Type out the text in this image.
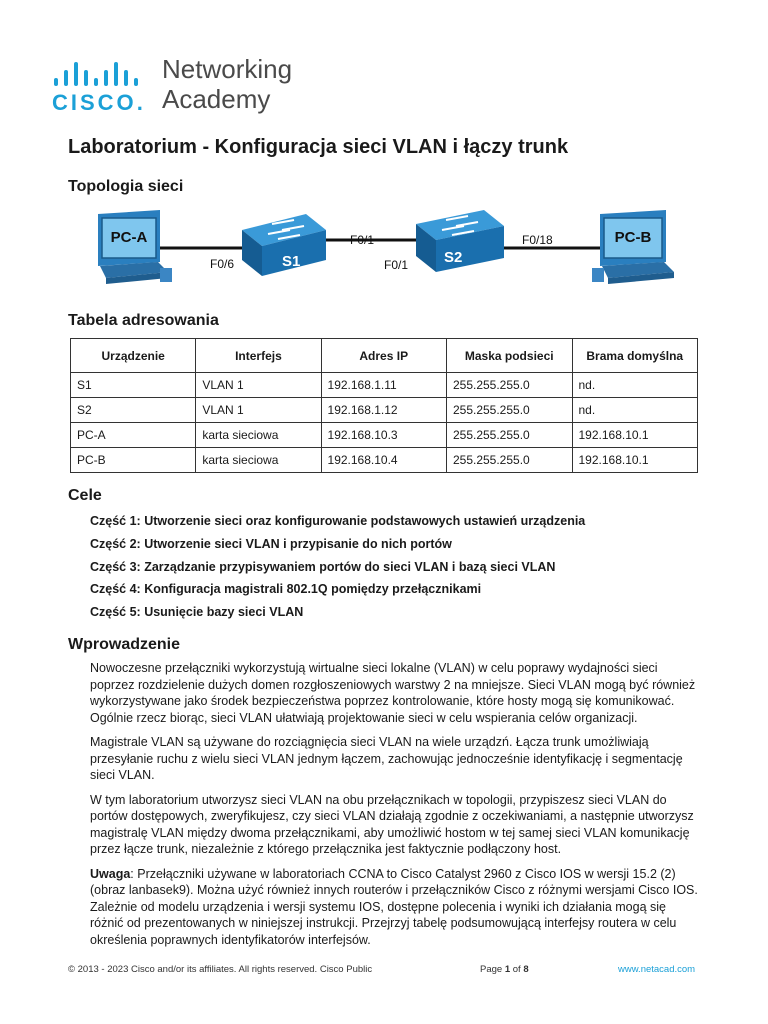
CISCO.
Networking
Academy
Laboratorium - Konfiguracja sieci VLAN i łączy trunk
Topologia sieci
PC-A
S1	S2
PC-B
F0/6
F0/1
F0/1
F0/18
Tabela adresowania
Urządzenie	Interfejs	Adres IP	Maska podsieci	Brama domyślna
S1	VLAN 1	192.168.1.11	255.255.255.0	nd.
S2	VLAN 1	192.168.1.12	255.255.255.0	nd.
PC-A	karta sieciowa	192.168.10.3	255.255.255.0	192.168.10.1
PC-B	karta sieciowa	192.168.10.4	255.255.255.0	192.168.10.1
Cele
Część 1: Utworzenie sieci oraz konfigurowanie podstawowych ustawień urządzenia
Część 2: Utworzenie sieci VLAN i przypisanie do nich portów
Część 3: Zarządzanie przypisywaniem portów do sieci VLAN i bazą sieci VLAN
Część 4: Konfiguracja magistrali 802.1Q pomiędzy przełącznikami
Część 5: Usunięcie bazy sieci VLAN
Wprowadzenie

Nowoczesne przełączniki wykorzystują wirtualne sieci lokalne (VLAN) w celu poprawy wydajności sieci poprzez rozdzielenie dużych domen rozgłoszeniowych warstwy 2 na mniejsze. Sieci VLAN mogą być również wykorzystywane jako środek bezpieczeństwa poprzez kontrolowanie, które hosty mogą się komunikować. Ogólnie rzecz biorąc, sieci VLAN ułatwiają projektowanie sieci w celu wspierania celów organizacji.

Magistrale VLAN są używane do rozciągnięcia sieci VLAN na wiele urządzń. Łącza trunk umożliwiają przesyłanie ruchu z wielu sieci VLAN jednym łączem, zachowując jednocześnie identyfikację i segmentację sieci VLAN.

W tym laboratorium utworzysz sieci VLAN na obu przełącznikach w topologii, przypiszesz sieci VLAN do portów dostępowych, zweryfikujesz, czy sieci VLAN działają zgodnie z oczekiwaniami, a następnie utworzysz magistralę VLAN między dwoma przełącznikami, aby umożliwić hostom w tej samej sieci VLAN komunikację przez łącze trunk, niezależnie z którego przełącznika jest faktycznie podłączony host.

Uwaga: Przełączniki używane w laboratoriach CCNA to Cisco Catalyst 2960 z Cisco IOS w wersji 15.2 (2) (obraz lanbasek9). Można użyć również innych routerów i przełączników Cisco z różnymi wersjami Cisco IOS. Zależnie od modelu urządzenia i wersji systemu IOS, dostępne polecenia i wyniki ich działania mogą się różnić od prezentowanych w niniejszej instrukcji. Przejrzyj tabelę podsumowującą interfejsy routera w celu określenia poprawnych identyfikatorów interfejsów.

© 2013 - 2023 Cisco and/or its affiliates. All rights reserved. Cisco Public	Page 1 of 8	www.netacad.com
